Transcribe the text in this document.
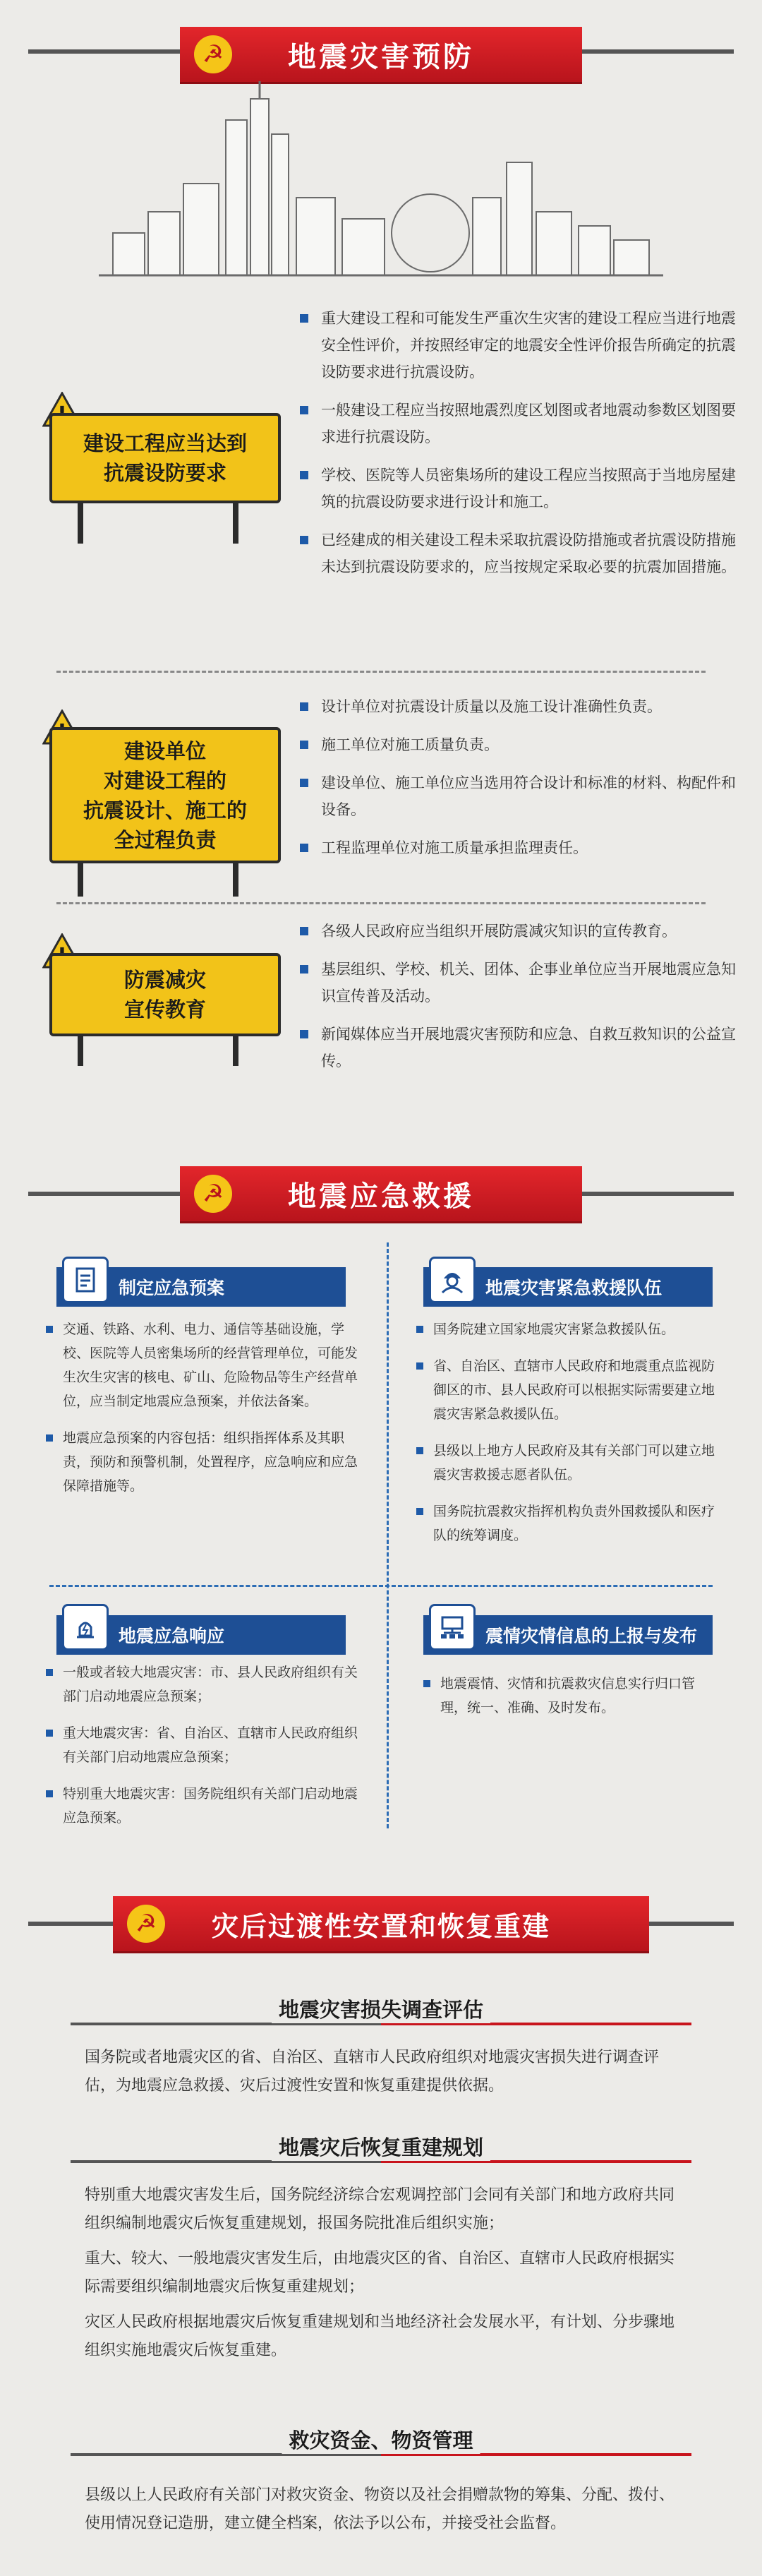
☭ 地震灾害预防
建设工程应当达到
抗震设防要求
重大建设工程和可能发生严重次生灾害的建设工程应当进行地震安全性评价，并按照经审定的地震安全性评价报告所确定的抗震设防要求进行抗震设防。
一般建设工程应当按照地震烈度区划图或者地震动参数区划图要求进行抗震设防。
学校、医院等人员密集场所的建设工程应当按照高于当地房屋建筑的抗震设防要求进行设计和施工。
已经建成的相关建设工程未采取抗震设防措施或者抗震设防措施未达到抗震设防要求的，应当按规定采取必要的抗震加固措施。
建设单位
对建设工程的
抗震设计、施工的
全过程负责
设计单位对抗震设计质量以及施工设计准确性负责。
施工单位对施工质量负责。
建设单位、施工单位应当选用符合设计和标准的材料、构配件和设备。
工程监理单位对施工质量承担监理责任。
防震减灾
宣传教育
各级人民政府应当组织开展防震减灾知识的宣传教育。
基层组织、学校、机关、团体、企事业单位应当开展地震应急知识宣传普及活动。
新闻媒体应当开展地震灾害预防和应急、自救互救知识的公益宣传。
☭ 地震应急救援
制定应急预案
交通、铁路、水利、电力、通信等基础设施，学校、医院等人员密集场所的经营管理单位，可能发生次生灾害的核电、矿山、危险物品等生产经营单位，应当制定地震应急预案，并依法备案。
地震应急预案的内容包括：组织指挥体系及其职责，预防和预警机制，处置程序，应急响应和应急保障措施等。
地震灾害紧急救援队伍
国务院建立国家地震灾害紧急救援队伍。
省、自治区、直辖市人民政府和地震重点监视防御区的市、县人民政府可以根据实际需要建立地震灾害紧急救援队伍。
县级以上地方人民政府及其有关部门可以建立地震灾害救援志愿者队伍。
国务院抗震救灾指挥机构负责外国救援队和医疗队的统筹调度。
地震应急响应
一般或者较大地震灾害：市、县人民政府组织有关部门启动地震应急预案；
重大地震灾害：省、自治区、直辖市人民政府组织有关部门启动地震应急预案；
特别重大地震灾害：国务院组织有关部门启动地震应急预案。
震情灾情信息的上报与发布
地震震情、灾情和抗震救灾信息实行归口管理，统一、准确、及时发布。
☭	灾后过渡性安置和恢复重建
地震灾害损失调查评估

国务院或者地震灾区的省、自治区、直辖市人民政府组织对地震灾害损失进行调查评估，为地震应急救援、灾后过渡性安置和恢复重建提供依据。

地震灾后恢复重建规划

特别重大地震灾害发生后，国务院经济综合宏观调控部门会同有关部门和地方政府共同组织编制地震灾后恢复重建规划，报国务院批准后组织实施；

重大、较大、一般地震灾害发生后，由地震灾区的省、自治区、直辖市人民政府根据实际需要组织编制地震灾后恢复重建规划；

灾区人民政府根据地震灾后恢复重建规划和当地经济社会发展水平，有计划、分步骤地组织实施地震灾后恢复重建。

救灾资金、物资管理

县级以上人民政府有关部门对救灾资金、物资以及社会捐赠款物的筹集、分配、拨付、使用情况登记造册，建立健全档案，依法予以公布，并接受社会监督。
